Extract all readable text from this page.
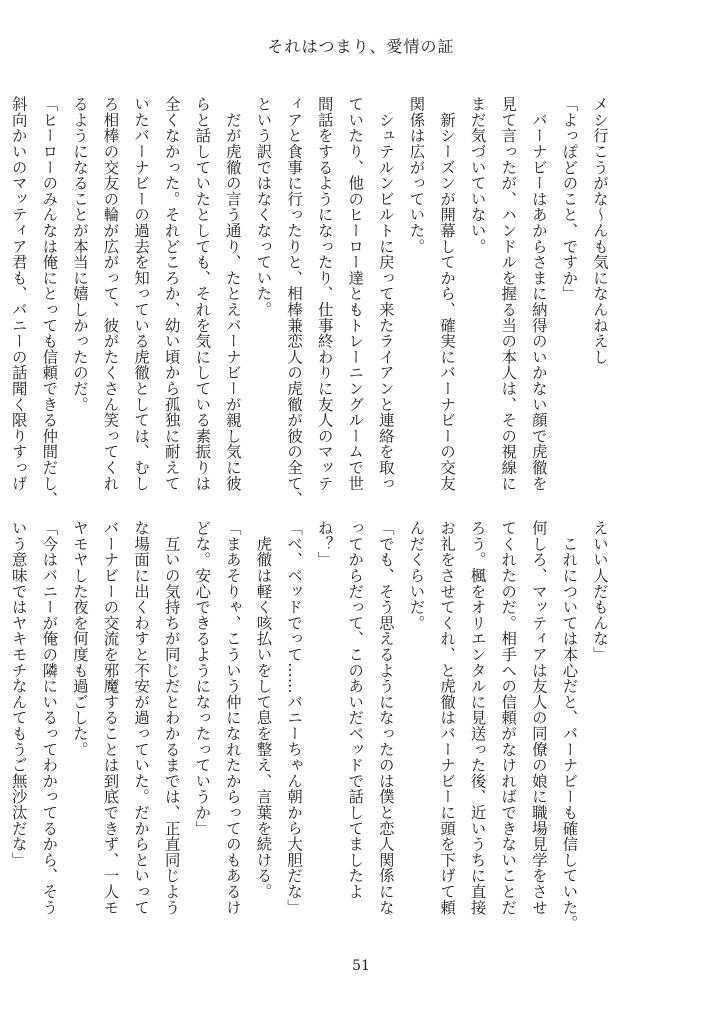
それはつまり、愛情の証
メシ行こうがな～んも気になんねえし
「よっぽどのこと、ですか」
　バーナビーはあからさまに納得のいかない顔で虎徹を
見て言ったが、ハンドルを握る当の本人は、その視線に
まだ気づいていない。
　新シーズンが開幕してから、確実にバーナビーの交友
関係は広がっていた。
　シュテルンビルトに戻って来たライアンと連絡を取っ
ていたり、他のヒーロー達ともトレーニングルームで世
間話をするようになったり、仕事終わりに友人のマッテ
ィアと食事に行ったりと、相棒兼恋人の虎徹が彼の全て、
という訳ではなくなっていた。
　だが虎徹の言う通り、たとえバーナビーが親し気に彼
らと話していたとしても、それを気にしている素振りは
全くなかった。それどころか、幼い頃から孤独に耐えて
いたバーナビーの過去を知っている虎徹としては、むし
ろ相棒の交友の輪が広がって、彼がたくさん笑ってくれ
るようになることが本当に嬉しかったのだ。
「ヒーローのみんなは俺にとっても信頼できる仲間だし、
斜向かいのマッティア君も、バニーの話聞く限りすっげ
えいい人だもんな」
　これについては本心だと、バーナビーも確信していた。
何しろ、マッティアは友人の同僚の娘に職場見学をさせ
てくれたのだ。相手への信頼がなければできないことだ
ろう。楓をオリエンタルに見送った後、近いうちに直接
お礼をさせてくれ、と虎徹はバーナビーに頭を下げて頼
んだくらいだ。
「でも、そう思えるようになったのは僕と恋人関係にな
ってからだって、このあいだベッドで話してましたよ
ね？」
「べ、ベッドでって……バニーちゃん朝から大胆だな」
　虎徹は軽く咳払いをして息を整え、言葉を続ける。
「まあそりゃ、こういう仲になれたからってのもあるけ
どな。安心できるようになったっていうか」
　互いの気持ちが同じだとわかるまでは、正直同じよう
な場面に出くわすと不安が過っていた。だからといって
バーナビーの交流を邪魔することは到底できず、一人モ
ヤモヤした夜を何度も過ごした。
「今はバニーが俺の隣にいるってわかってるから、そう
いう意味ではヤキモチなんてもうご無沙汰だな」
51
